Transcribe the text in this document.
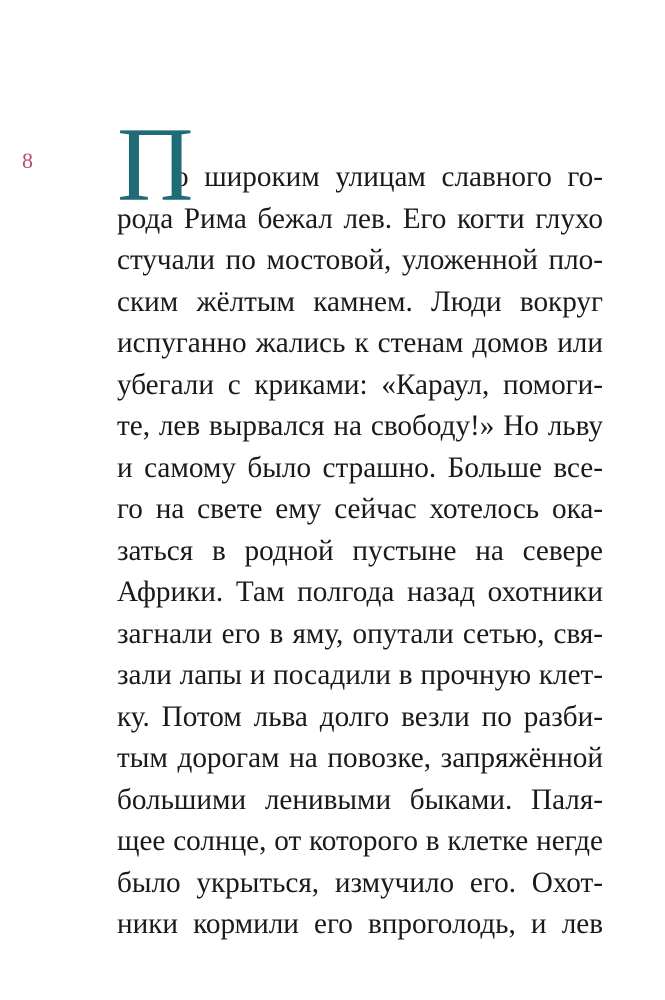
8 П
о широким улицам славного го-
рода Рима бежал лев. Его когти глухо
стучали по мостовой, уложенной пло-
ским жёлтым камнем. Люди вокруг
испуганно жались к стенам домов или
убегали с криками: «Караул, помоги-
те, лев вырвался на свободу!» Но льву
и самому было страшно. Больше все-
го на свете ему сейчас хотелось ока-
заться в родной пустыне на севере
Африки. Там полгода назад охотники
загнали его в яму, опутали сетью, свя-
зали лапы и посадили в прочную клет-
ку. Потом льва долго везли по разби-
тым дорогам на повозке, запряжённой
большими ленивыми быками. Паля-
щее солнце, от которого в клетке негде
было укрыться, измучило его. Охот-
ники кормили его впроголодь, и лев
